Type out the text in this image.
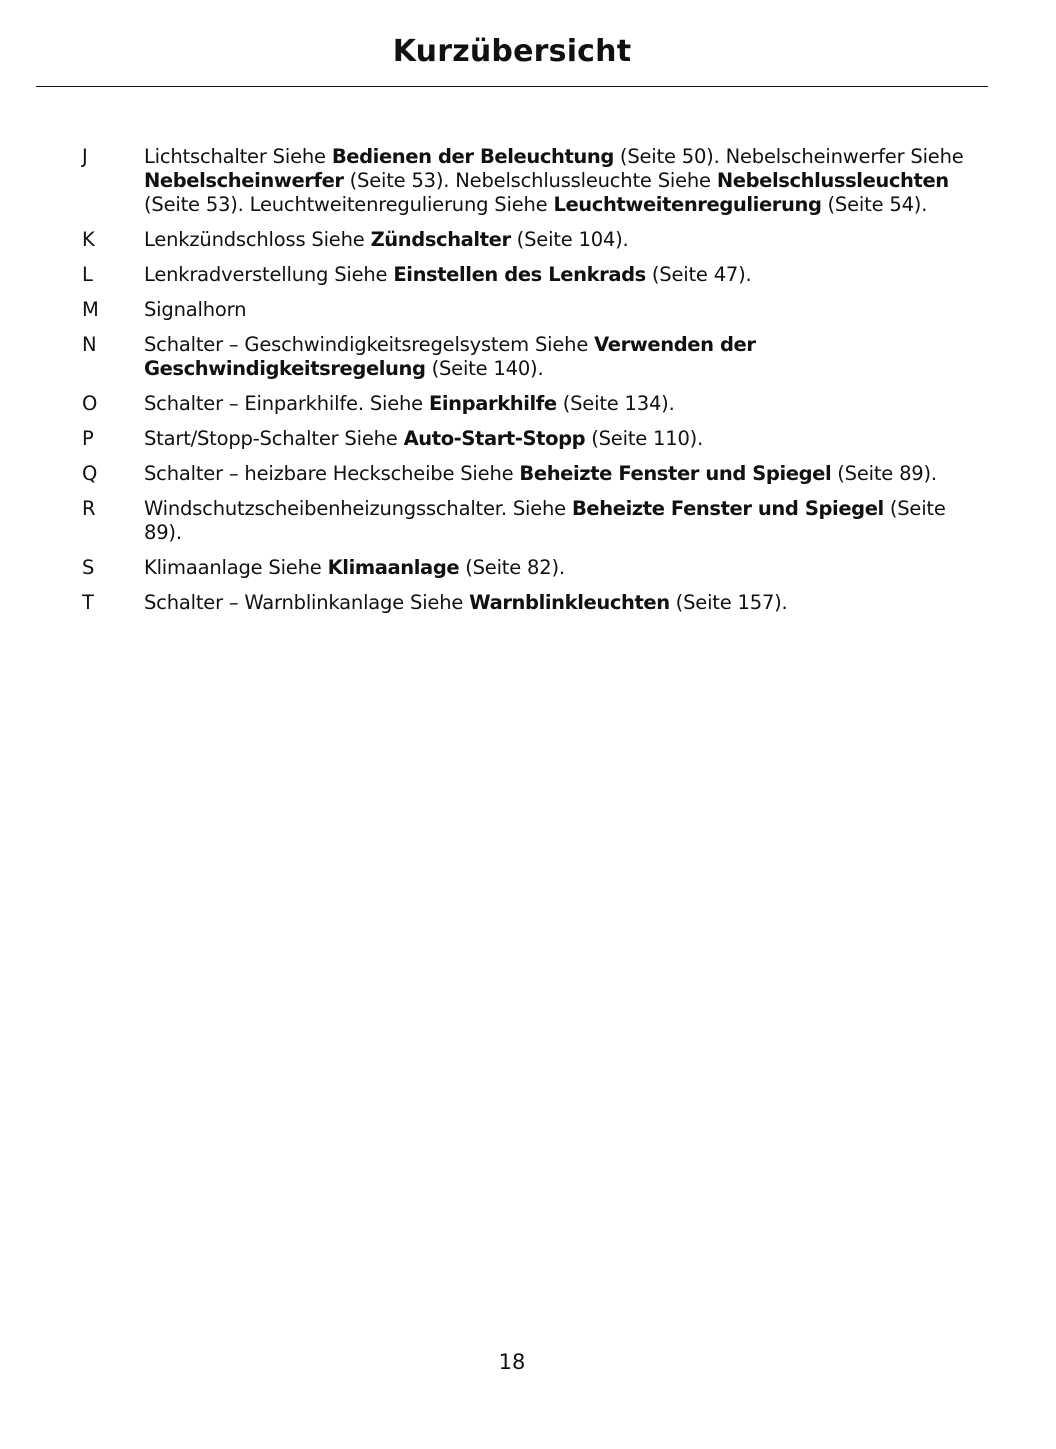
Kurzübersicht
J	Lichtschalter Siehe Bedienen der Beleuchtung (Seite 50). Nebelscheinwerfer Siehe Nebelscheinwerfer (Seite 53). Nebelschlussleuchte Siehe Nebelschlussleuchten (Seite 53). Leuchtweitenregulierung Siehe Leuchtweitenregulierung (Seite 54).
K	Lenkzündschloss Siehe Zündschalter (Seite 104).
L	Lenkradverstellung Siehe Einstellen des Lenkrads (Seite 47).
M	Signalhorn
N	Schalter – Geschwindigkeitsregelsystem Siehe Verwenden der Geschwindigkeitsregelung (Seite 140).
O	Schalter – Einparkhilfe. Siehe Einparkhilfe (Seite 134).
P	Start/Stopp-Schalter Siehe Auto-Start-Stopp (Seite 110).
Q	Schalter – heizbare Heckscheibe Siehe Beheizte Fenster und Spiegel (Seite 89).
R	Windschutzscheibenheizungsschalter. Siehe Beheizte Fenster und Spiegel (Seite 89).
S	Klimaanlage Siehe Klimaanlage (Seite 82).
T	Schalter – Warnblinkanlage Siehe Warnblinkleuchten (Seite 157).
18
